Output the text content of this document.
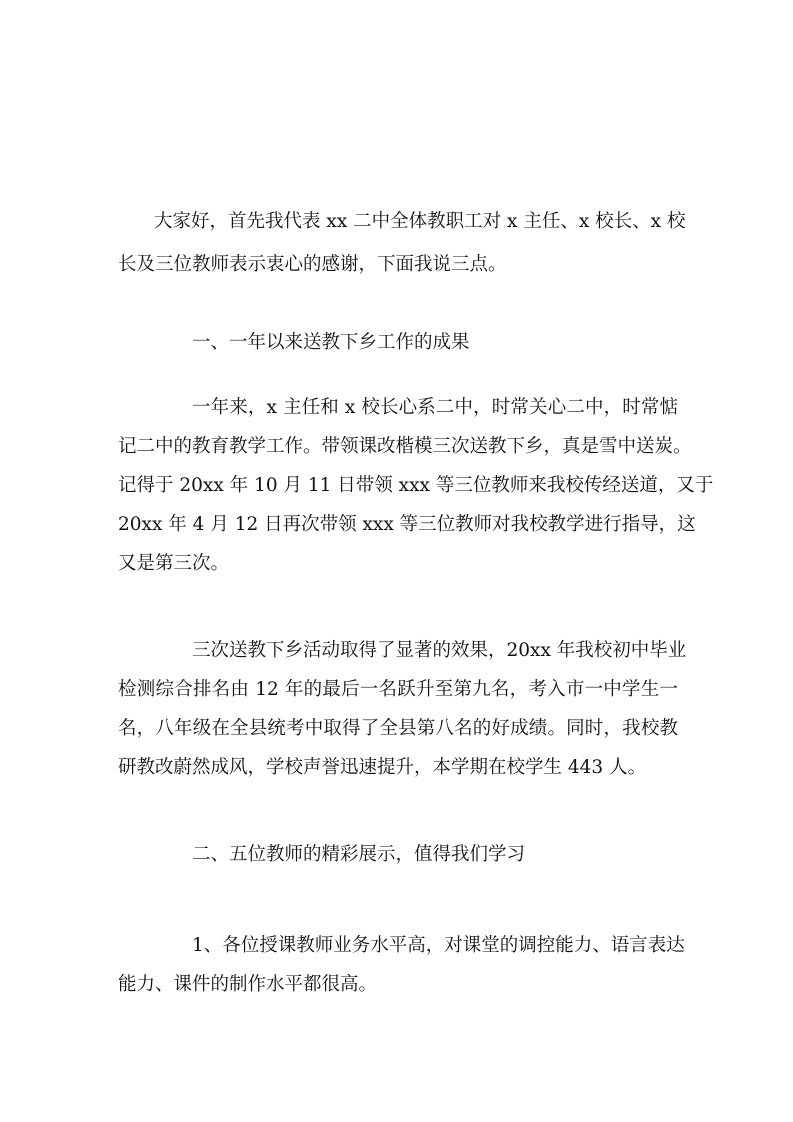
大家好，首先我代表 xx 二中全体教职工对 x 主任、x 校长、x 校
长及三位教师表示衷心的感谢，下面我说三点。
一、一年以来送教下乡工作的成果
一年来，x 主任和 x 校长心系二中，时常关心二中，时常惦
记二中的教育教学工作。带领课改楷模三次送教下乡，真是雪中送炭。
记得于 20xx 年 10 月 11 日带领 xxx 等三位教师来我校传经送道，又于
20xx 年 4 月 12 日再次带领 xxx 等三位教师对我校教学进行指导，这
又是第三次。
三次送教下乡活动取得了显著的效果，20xx 年我校初中毕业
检测综合排名由 12 年的最后一名跃升至第九名，考入市一中学生一
名，八年级在全县统考中取得了全县第八名的好成绩。同时，我校教
研教改蔚然成风，学校声誉迅速提升，本学期在校学生 443 人。
二、五位教师的精彩展示，值得我们学习
1、各位授课教师业务水平高，对课堂的调控能力、语言表达
能力、课件的制作水平都很高。
